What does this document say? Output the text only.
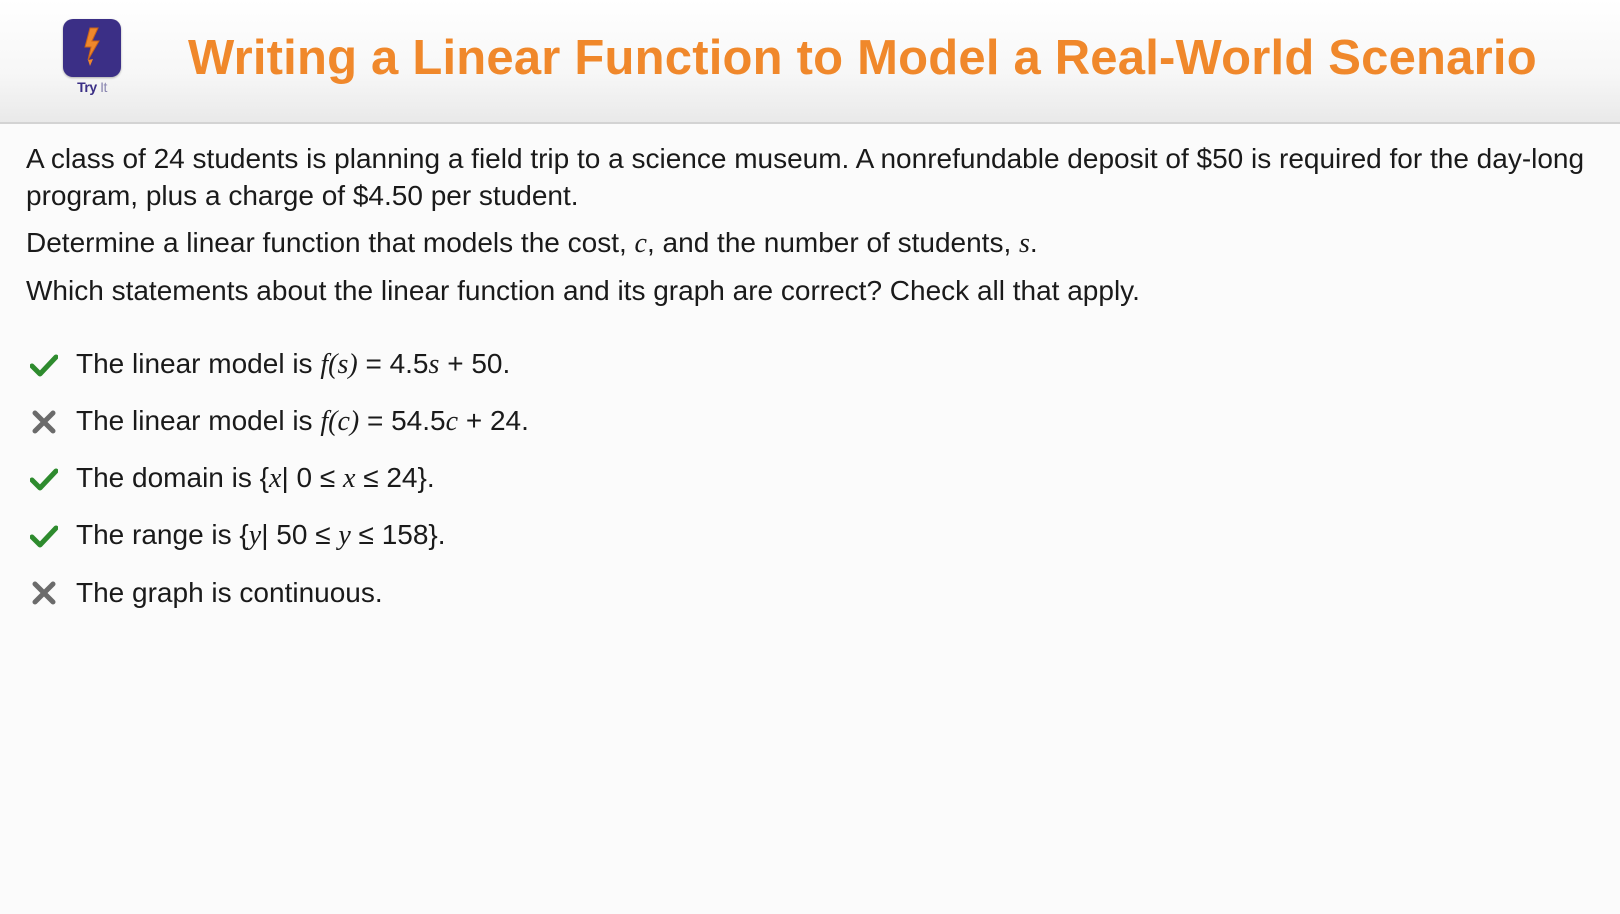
Try It
Writing a Linear Function to Model a Real-World Scenario

A class of 24 students is planning a field trip to a science museum. A nonrefundable deposit of $50 is required for the day-long program, plus a charge of $4.50 per student.

Determine a linear function that models the cost, c, and the number of students, s.

Which statements about the linear function and its graph are correct? Check all that apply.

The linear model is f(s) = 4.5s + 50.
The linear model is f(c) = 54.5c + 24.
The domain is {x| 0 ≤ x ≤ 24}.
The range is {y| 50 ≤ y ≤ 158}.
The graph is continuous.
